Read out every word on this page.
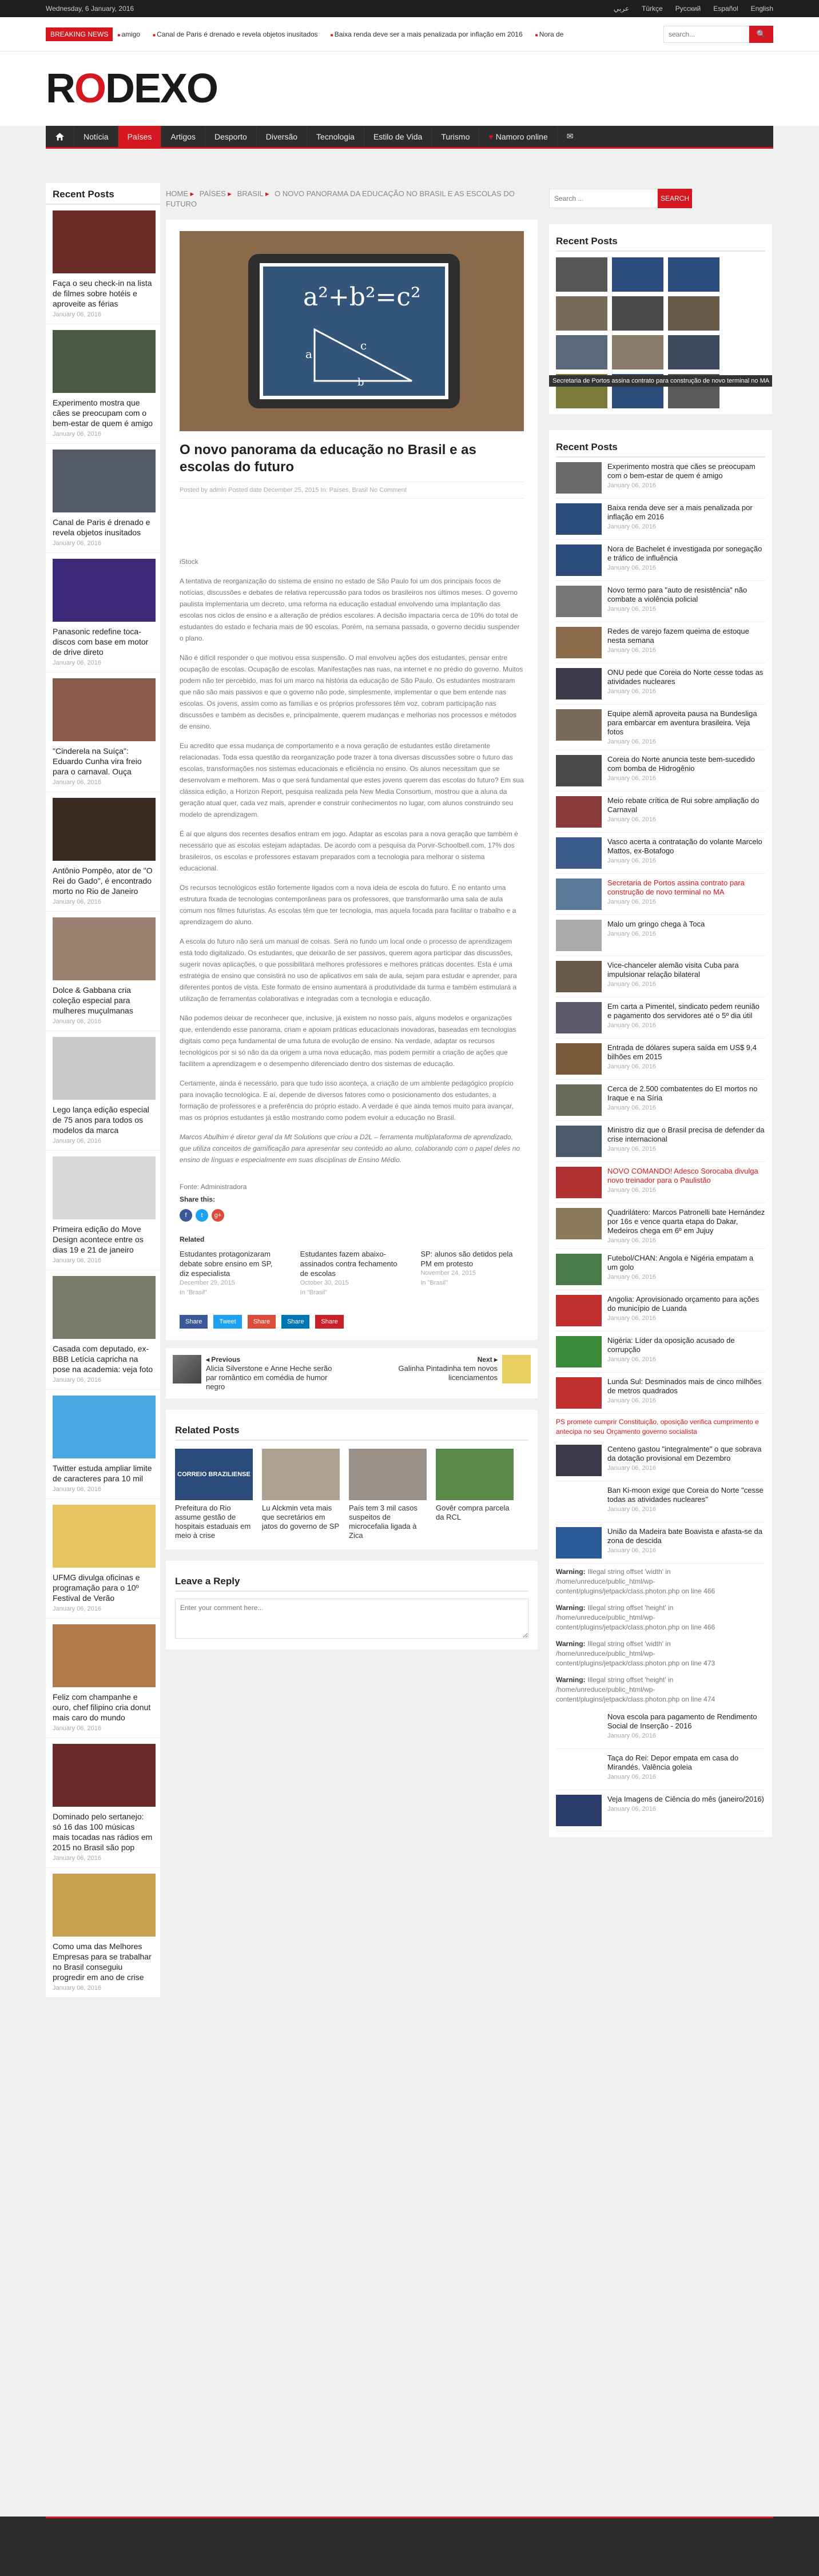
Wednesday, 6 January, 2016	عربي Türkçe Русский Español English
BREAKING NEWS	■ amigo	■ Canal de Paris é drenado e revela objetos inusitados	■ Baixa renda deve ser a mais penalizada por inflação em 2016	■ Nora de
search...	🔍
RODEXO
Notícia	Países	Artigos	Desporto	Diversão	Tecnologia	Estilo de Vida	Turismo	♥ Namoro online	✉
Recent Posts
Faça o seu check-in na lista de filmes sobre hotéis e aproveite as férias
January 06, 2016
Experimento mostra que cães se preocupam com o bem-estar de quem é amigo
January 06, 2016
Canal de Paris é drenado e revela objetos inusitados
January 06, 2016
Panasonic redefine toca-discos com base em motor de drive direto
January 06, 2016
"Cinderela na Suíça": Eduardo Cunha vira freio para o carnaval. Ouça
January 06, 2016
Antônio Pompêo, ator de "O Rei do Gado", é encontrado morto no Rio de Janeiro
January 06, 2016
Dolce & Gabbana cria coleção especial para mulheres muçulmanas
January 06, 2016
Lego lança edição especial de 75 anos para todos os modelos da marca
January 06, 2016
Primeira edição do Move Design acontece entre os dias 19 e 21 de janeiro
January 06, 2016
Casada com deputado, ex-BBB Letícia capricha na pose na academia: veja foto
January 06, 2016
Twitter estuda ampliar limite de caracteres para 10 mil
January 06, 2016
UFMG divulga oficinas e programação para o 10º Festival de Verão
January 06, 2016
Feliz com champanhe e ouro, chef filipino cria donut mais caro do mundo
January 06, 2016
Dominado pelo sertanejo: só 16 das 100 músicas mais tocadas nas rádios em 2015 no Brasil são pop
January 06, 2016
Como uma das Melhores Empresas para se trabalhar no Brasil conseguiu progredir em ano de crise
January 06, 2016
HOME ▸ PAÍSES ▸ BRASIL ▸ O NOVO PANORAMA DA EDUCAÇÃO NO BRASIL E AS ESCOLAS DO FUTURO
a²+b²=c²
a
c
b
O novo panorama da educação no Brasil e as escolas do futuro
Posted by admin Posted date December 25, 2015 In: Países, Brasil No Comment

iStock

A tentativa de reorganização do sistema de ensino no estado de São Paulo foi um dos principais focos de notícias, discussões e debates de relativa repercussão para todos os brasileiros nos últimos meses. O governo paulista implementaria um decreto, uma reforma na educação estadual envolvendo uma implantação das escolas nos ciclos de ensino e a alteração de prédios escolares. A decisão impactaria cerca de 10% do total de estudantes do estado e fecharia mais de 90 escolas. Porém, na semana passada, o governo decidiu suspender o plano.

Não é difícil responder o que motivou essa suspensão. O mal envolveu ações dos estudantes, pensar entre ocupação de escolas. Ocupação de escolas. Manifestações nas ruas, na internet e no prédio do governo. Muitos podem não ter percebido, mas foi um marco na história da educação de São Paulo. Os estudantes mostraram que não são mais passivos e que o governo não pode, simplesmente, implementar o que bem entende nas escolas. Os jovens, assim como as famílias e os próprios professores têm voz, cobram participação nas discussões e também as decisões e, principalmente, querem mudanças e melhorias nos processos e métodos de ensino.

Eu acredito que essa mudança de comportamento e a nova geração de estudantes estão diretamente relacionadas. Toda essa questão da reorganização pode trazer à tona diversas discussões sobre o futuro das escolas, transformações nos sistemas educacionais e eficiência no ensino. Os alunos necessitam que se desenvolvam e melhorem. Mas o que será fundamental que estes jovens querem das escolas do futuro? Em sua clássica edição, a Horizon Report, pesquisa realizada pela New Media Consortium, mostrou que a aluna da geração atual quer, cada vez mais, aprender e construir conhecimentos no lugar, com alunos construindo seu modelo de aprendizagem.

É aí que alguns dos recentes desafios entram em jogo. Adaptar as escolas para a nova geração que também é necessário que as escolas estejam adaptadas. De acordo com a pesquisa da Porvir-Schoolbell.com, 17% dos brasileiros, os escolas e professores estavam preparados com a tecnologia para melhorar o sistema educacional.

Os recursos tecnológicos estão fortemente ligados com a nova ideia de escola do futuro. É no entanto uma estrutura fixada de tecnologias contemporâneas para os professores, que transformarão uma sala de aula comum nos filmes futuristas. As escolas têm que ter tecnologia, mas aquela focada para facilitar o trabalho e a aprendizagem do aluno.

A escola do futuro não será um manual de coisas. Será no fundo um local onde o processo de aprendizagem está todo digitalizado. Os estudantes, que deixarão de ser passivos, querem agora participar das discussões, sugerir novas aplicações, o que possibilitará melhores professores e melhores práticas docentes. Esta é uma estratégia de ensino que consistirá no uso de aplicativos em sala de aula, sejam para estudar e aprender, para diferentes pontos de vista. Este formato de ensino aumentará a produtividade da turma e também estimulará a utilização de ferramentas colaborativas e integradas com a tecnologia e educação.

Não podemos deixar de reconhecer que, inclusive, já existem no nosso país, alguns modelos e organizações que, entendendo esse panorama, criam e apoiam práticas educacionais inovadoras, baseadas em tecnologias digitais como peça fundamental de uma futura de evolução de ensino. Na verdade, adaptar os recursos tecnológicos por si só não da da origem a uma nova educação, mas podem permitir a criação de ações que facilitem a aprendizagem e o desempenho diferenciado dentro dos sistemas de educação.

Certamente, ainda é necessário, para que tudo isso aconteça, a criação de um ambiente pedagógico propício para inovação tecnológica. E aí, depende de diversos fatores como o posicionamento dos estudantes, a formação de professores e a preferência do próprio estado. A verdade é que ainda temos muito para avançar, mas os próprios estudantes já estão mostrando como podem evoluir a educação no Brasil.

Marcos Abulhim é diretor geral da Mt Solutions que criou a D2L – ferramenta multiplataforma de aprendizado, que utiliza conceitos de gamificação para apresentar seu conteúdo ao aluno, colaborando com o papel deles no ensino de línguas e especialmente em suas disciplinas de Ensino Médio.

Fonte: Administradora
Share this:
f	t	g+
Related
Estudantes protagonizaram debate sobre ensino em SP, diz especialista
December 29, 2015
In "Brasil"
Estudantes fazem abaixo-assinados contra fechamento de escolas
October 30, 2015
In "Brasil"
SP: alunos são detidos pela PM em protesto
November 24, 2015
In "Brasil"
Share	Tweet	Share	Share	Share
◂ Previous
Alicia Silverstone e Anne Heche serão par romântico em comédia de humor negro
Next ▸
Galinha Pintadinha tem novos licenciamentos
Related Posts
CORREIO BRAZILIENSE
Prefeitura do Rio assume gestão de hospitais estaduais em meio à crise
Lu Alckmin veta mais que secretários em jatos do governo de SP
País tem 3 mil casos suspeitos de microcefalia ligada à Zica
Govêr compra parcela da RCL
Leave a Reply
Enter your comment here...
Search ...
SEARCH
Recent Posts
Secretaria de Portos assina contrato para construção de novo terminal no MA
Recent Posts
Experimento mostra que cães se preocupam com o bem-estar de quem é amigo
January 06, 2016
Baixa renda deve ser a mais penalizada por inflação em 2016
January 06, 2016
Nora de Bachelet é investigada por sonegação e tráfico de influência
January 06, 2016
Novo termo para "auto de resistência" não combate a violência policial
January 06, 2016
Redes de varejo fazem queima de estoque nesta semana
January 06, 2016
ONU pede que Coreia do Norte cesse todas as atividades nucleares
January 06, 2016
Equipe alemã aproveita pausa na Bundesliga para embarcar em aventura brasileira. Veja fotos
January 06, 2016
Coreia do Norte anuncia teste bem-sucedido com bomba de Hidrogênio
January 06, 2016
Meio rebate crítica de Rui sobre ampliação do Carnaval
January 06, 2016
Vasco acerta a contratação do volante Marcelo Mattos, ex-Botafogo
January 06, 2016
Secretaria de Portos assina contrato para construção de novo terminal no MA
January 06, 2016
Malo um gringo chega à Toca
January 06, 2016
Vice-chanceler alemão visita Cuba para impulsionar relação bilateral
January 06, 2016
Em carta a Pimentel, sindicato pedem reunião e pagamento dos servidores até o 5º dia útil
January 06, 2016
Entrada de dólares supera saída em US$ 9,4 bilhões em 2015
January 06, 2016
Cerca de 2.500 combatentes do EI mortos no Iraque e na Síria
January 06, 2016
Ministro diz que o Brasil precisa de defender da crise internacional
January 06, 2016
NOVO COMANDO! Adesco Sorocaba divulga novo treinador para o Paulistão
January 06, 2016
Quadrilátero: Marcos Patronelli bate Hernández por 16s e vence quarta etapa do Dakar, Medeiros chega em 6º em Jujuy
January 06, 2016
Futebol/CHAN: Angola e Nigéria empatam a um golo
January 06, 2016
Angolia: Aprovisionado orçamento para ações do município de Luanda
January 06, 2016
Nigéria: Líder da oposição acusado de corrupção
January 06, 2016
Lunda Sul: Desminados mais de cinco milhões de metros quadrados
January 06, 2016
PS promete cumprir Constituição, oposição verifica cumprimento e antecipa no seu Orçamento governo socialista
Centeno gastou "integralmente" o que sobrava da dotação provisional em Dezembro
January 06, 2016
Ban Ki-moon exige que Coreia do Norte "cesse todas as atividades nucleares"
January 06, 2016
União da Madeira bate Boavista e afasta-se da zona de descida
January 06, 2016
Warning: Illegal string offset 'width' in /home/unreduce/public_html/wp-content/plugins/jetpack/class.photon.php on line 466
Warning: Illegal string offset 'height' in /home/unreduce/public_html/wp-content/plugins/jetpack/class.photon.php on line 466
Warning: Illegal string offset 'width' in /home/unreduce/public_html/wp-content/plugins/jetpack/class.photon.php on line 473
Warning: Illegal string offset 'height' in /home/unreduce/public_html/wp-content/plugins/jetpack/class.photon.php on line 474
Nova escola para pagamento de Rendimento Social de Inserção - 2016
January 06, 2016
Taça do Rei: Depor empata em casa do Mirandés. Valência goleia
January 06, 2016
Veja Imagens de Ciência do mês (janeiro/2016)
January 06, 2016
